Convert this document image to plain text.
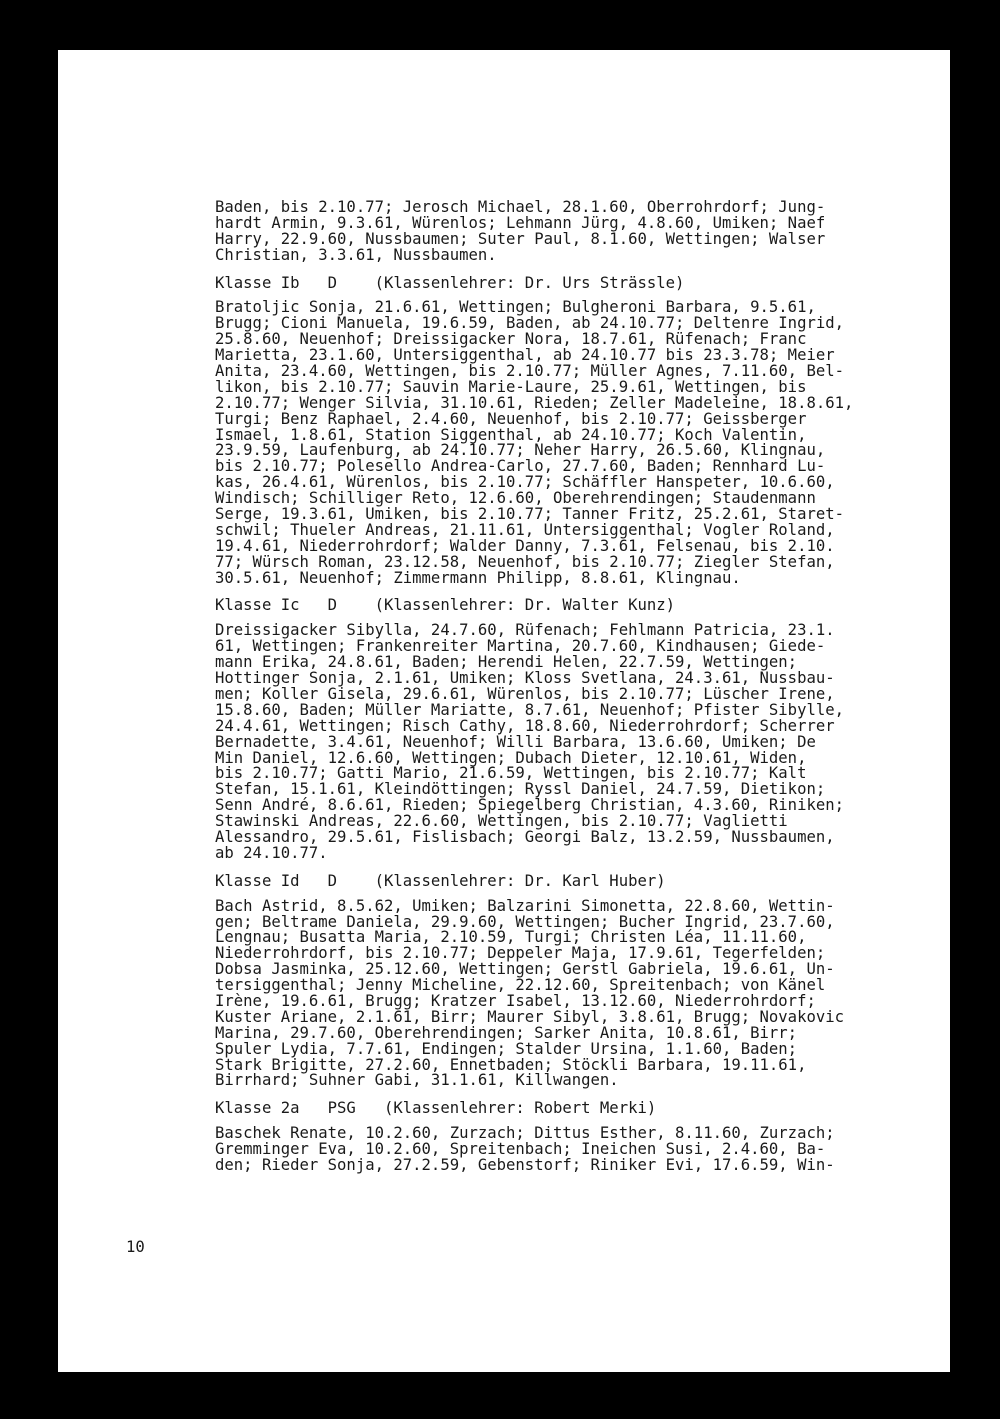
Baden, bis 2.10.77; Jerosch Michael, 28.1.60, Oberrohrdorf; Jung-
hardt Armin, 9.3.61, Würenlos; Lehmann Jürg, 4.8.60, Umiken; Naef
Harry, 22.9.60, Nussbaumen; Suter Paul, 8.1.60, Wettingen; Walser
Christian, 3.3.61, Nussbaumen.
Klasse Ib   D    (Klassenlehrer: Dr. Urs Strässle)
Bratoljic Sonja, 21.6.61, Wettingen; Bulgheroni Barbara, 9.5.61,
Brugg; Cioni Manuela, 19.6.59, Baden, ab 24.10.77; Deltenre Ingrid,
25.8.60, Neuenhof; Dreissigacker Nora, 18.7.61, Rüfenach; Franc
Marietta, 23.1.60, Untersiggenthal, ab 24.10.77 bis 23.3.78; Meier
Anita, 23.4.60, Wettingen, bis 2.10.77; Müller Agnes, 7.11.60, Bel-
likon, bis 2.10.77; Sauvin Marie-Laure, 25.9.61, Wettingen, bis
2.10.77; Wenger Silvia, 31.10.61, Rieden; Zeller Madeleine, 18.8.61,
Turgi; Benz Raphael, 2.4.60, Neuenhof, bis 2.10.77; Geissberger
Ismael, 1.8.61, Station Siggenthal, ab 24.10.77; Koch Valentin,
23.9.59, Laufenburg, ab 24.10.77; Neher Harry, 26.5.60, Klingnau,
bis 2.10.77; Polesello Andrea-Carlo, 27.7.60, Baden; Rennhard Lu-
kas, 26.4.61, Würenlos, bis 2.10.77; Schäffler Hanspeter, 10.6.60,
Windisch; Schilliger Reto, 12.6.60, Oberehrendingen; Staudenmann
Serge, 19.3.61, Umiken, bis 2.10.77; Tanner Fritz, 25.2.61, Staret-
schwil; Thueler Andreas, 21.11.61, Untersiggenthal; Vogler Roland,
19.4.61, Niederrohrdorf; Walder Danny, 7.3.61, Felsenau, bis 2.10.
77; Würsch Roman, 23.12.58, Neuenhof, bis 2.10.77; Ziegler Stefan,
30.5.61, Neuenhof; Zimmermann Philipp, 8.8.61, Klingnau.
Klasse Ic   D    (Klassenlehrer: Dr. Walter Kunz)
Dreissigacker Sibylla, 24.7.60, Rüfenach; Fehlmann Patricia, 23.1.
61, Wettingen; Frankenreiter Martina, 20.7.60, Kindhausen; Giede-
mann Erika, 24.8.61, Baden; Herendi Helen, 22.7.59, Wettingen;
Hottinger Sonja, 2.1.61, Umiken; Kloss Svetlana, 24.3.61, Nussbau-
men; Koller Gisela, 29.6.61, Würenlos, bis 2.10.77; Lüscher Irene,
15.8.60, Baden; Müller Mariatte, 8.7.61, Neuenhof; Pfister Sibylle,
24.4.61, Wettingen; Risch Cathy, 18.8.60, Niederrohrdorf; Scherrer
Bernadette, 3.4.61, Neuenhof; Willi Barbara, 13.6.60, Umiken; De
Min Daniel, 12.6.60, Wettingen; Dubach Dieter, 12.10.61, Widen,
bis 2.10.77; Gatti Mario, 21.6.59, Wettingen, bis 2.10.77; Kalt
Stefan, 15.1.61, Kleindöttingen; Ryssl Daniel, 24.7.59, Dietikon;
Senn André, 8.6.61, Rieden; Spiegelberg Christian, 4.3.60, Riniken;
Stawinski Andreas, 22.6.60, Wettingen, bis 2.10.77; Vaglietti
Alessandro, 29.5.61, Fislisbach; Georgi Balz, 13.2.59, Nussbaumen,
ab 24.10.77.
Klasse Id   D    (Klassenlehrer: Dr. Karl Huber)
Bach Astrid, 8.5.62, Umiken; Balzarini Simonetta, 22.8.60, Wettin-
gen; Beltrame Daniela, 29.9.60, Wettingen; Bucher Ingrid, 23.7.60,
Lengnau; Busatta Maria, 2.10.59, Turgi; Christen Léa, 11.11.60,
Niederrohrdorf, bis 2.10.77; Deppeler Maja, 17.9.61, Tegerfelden;
Dobsa Jasminka, 25.12.60, Wettingen; Gerstl Gabriela, 19.6.61, Un-
tersiggenthal; Jenny Micheline, 22.12.60, Spreitenbach; von Känel
Irène, 19.6.61, Brugg; Kratzer Isabel, 13.12.60, Niederrohrdorf;
Kuster Ariane, 2.1.61, Birr; Maurer Sibyl, 3.8.61, Brugg; Novakovic
Marina, 29.7.60, Oberehrendingen; Sarker Anita, 10.8.61, Birr;
Spuler Lydia, 7.7.61, Endingen; Stalder Ursina, 1.1.60, Baden;
Stark Brigitte, 27.2.60, Ennetbaden; Stöckli Barbara, 19.11.61,
Birrhard; Suhner Gabi, 31.1.61, Killwangen.
Klasse 2a   PSG   (Klassenlehrer: Robert Merki)
Baschek Renate, 10.2.60, Zurzach; Dittus Esther, 8.11.60, Zurzach;
Gremminger Eva, 10.2.60, Spreitenbach; Ineichen Susi, 2.4.60, Ba-
den; Rieder Sonja, 27.2.59, Gebenstorf; Riniker Evi, 17.6.59, Win-
10
